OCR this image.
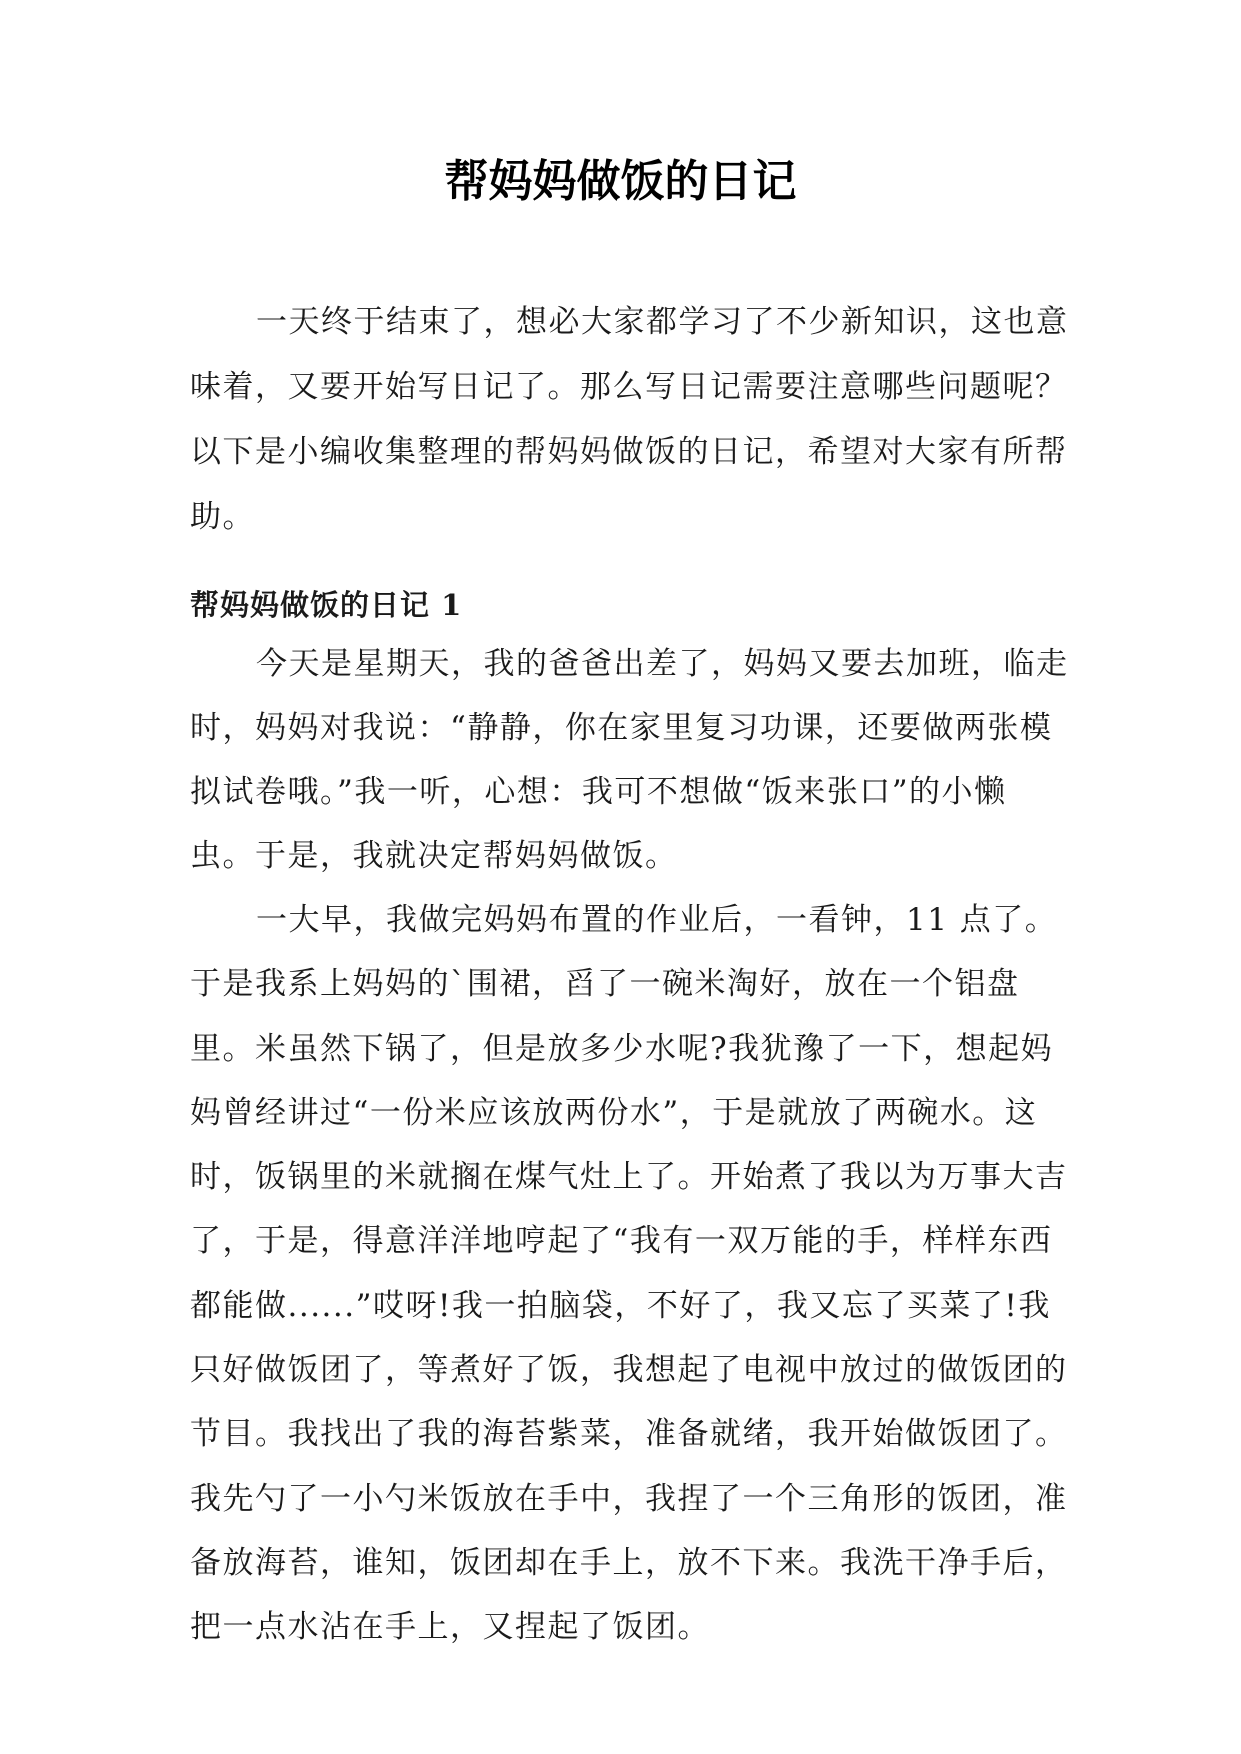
帮妈妈做饭的日记

一天终于结束了，想必大家都学习了不少新知识，这也意味着，又要开始写日记了。那么写日记需要注意哪些问题呢？以下是小编收集整理的帮妈妈做饭的日记，希望对大家有所帮助。

帮妈妈做饭的日记 1

今天是星期天，我的爸爸出差了，妈妈又要去加班，临走时，妈妈对我说：“静静，你在家里复习功课，还要做两张模拟试卷哦。”我一听，心想：我可不想做“饭来张口”的小懒虫。于是，我就决定帮妈妈做饭。

一大早，我做完妈妈布置的作业后，一看钟，11 点了。于是我系上妈妈的`围裙，舀了一碗米淘好，放在一个铝盘里。米虽然下锅了，但是放多少水呢?我犹豫了一下，想起妈妈曾经讲过“一份米应该放两份水”，于是就放了两碗水。这时，饭锅里的米就搁在煤气灶上了。开始煮了我以为万事大吉了，于是，得意洋洋地哼起了“我有一双万能的手，样样东西都能做......”哎呀!我一拍脑袋，不好了，我又忘了买菜了!我只好做饭团了，等煮好了饭，我想起了电视中放过的做饭团的节目。我找出了我的海苔紫菜，准备就绪，我开始做饭团了。我先勺了一小勺米饭放在手中，我捏了一个三角形的饭团，准备放海苔，谁知，饭团却在手上，放不下来。我洗干净手后，把一点水沾在手上，又捏起了饭团。
